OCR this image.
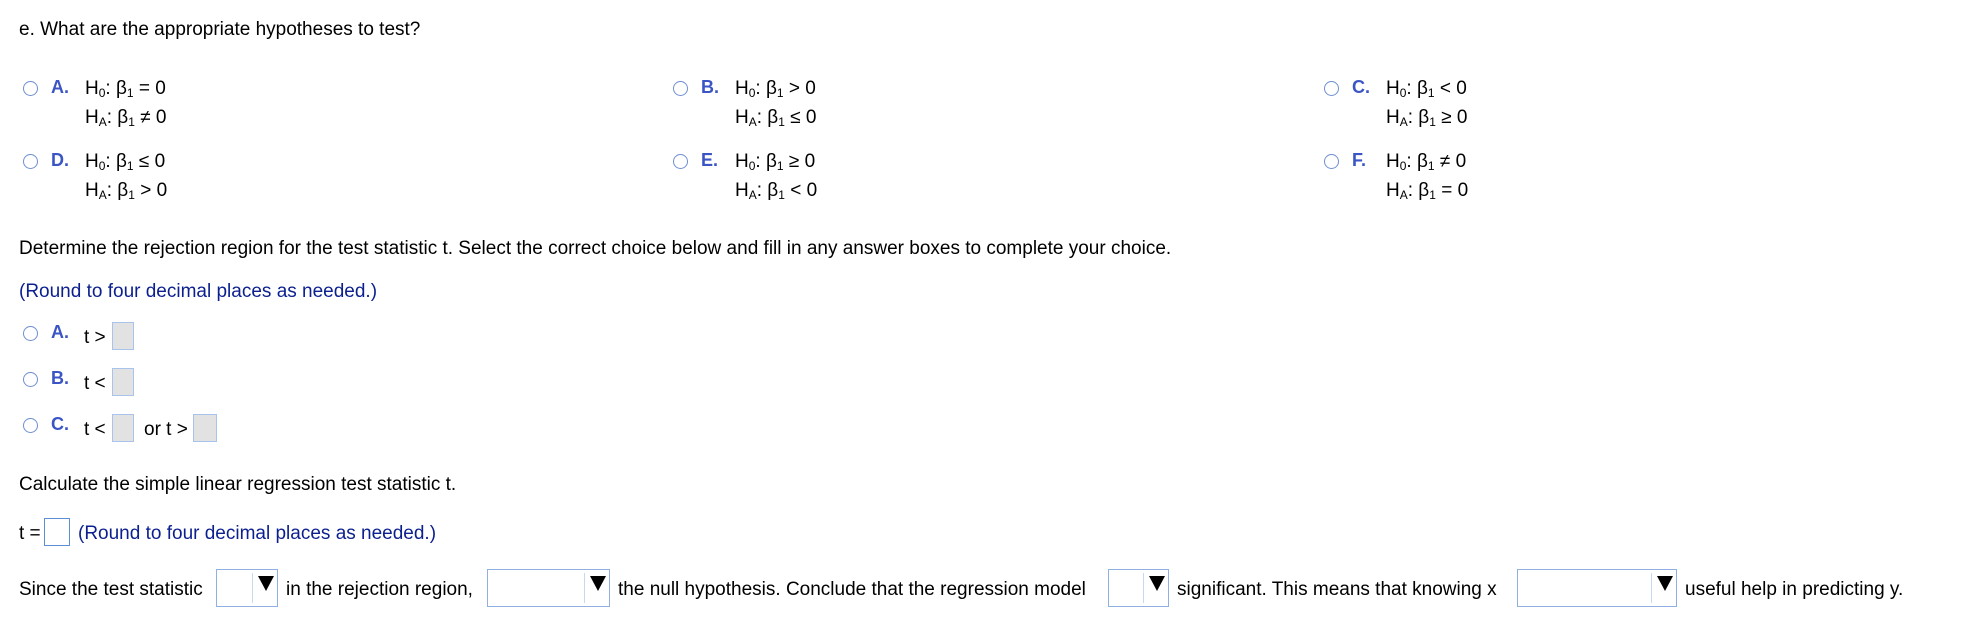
e. What are the appropriate hypotheses to test?
A. $H_0$: $\beta_1 = 0$
$H_A$: $\beta_1 \ne 0$
B. $H_0$: $\beta_1 > 0$
$H_A$: $\beta_1 \le 0$
C. $H_0$: $\beta_1 < 0$
$H_A$: $\beta_1 \ge 0$
D. $H_0$: $\beta_1 \le 0$
$H_A$: $\beta_1 > 0$
E. $H_0$: $\beta_1 \ge 0$
$H_A$: $\beta_1 < 0$
F. $H_0$: $\beta_1 \ne 0$
$H_A$: $\beta_1 = 0$
Determine the rejection region for the test statistic t. Select the correct choice below and fill in any answer boxes to complete your choice.
(Round to four decimal places as needed.)
A. t >
B. t <
C. t < or t >
Calculate the simple linear regression test statistic t.
t = (Round to four decimal places as needed.)
Since the test statistic	in the rejection region,	the null hypothesis. Conclude that the regression model	significant. This means that knowing x	useful help in predicting y.
